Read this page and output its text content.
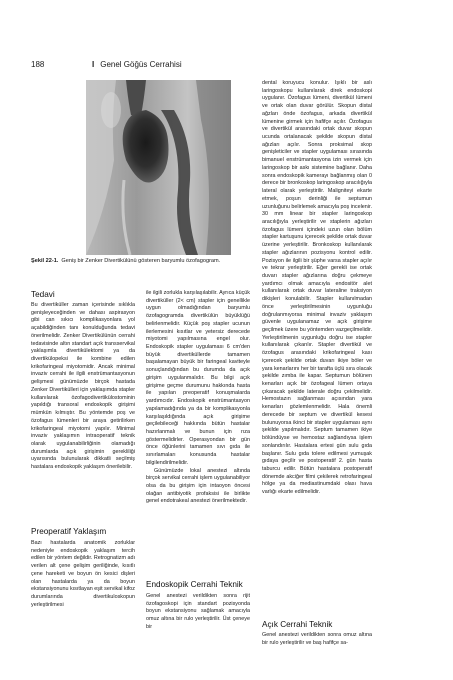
188	I Genel Göğüs Cerrahisi
Şekil 22-1. Geniş bir Zenker Divertikülünü gösteren baryumlu özofagogram.
Tedavi

Bu divertiküller zaman içerisinde sıklıkla genişleyeceğinden ve dahası aspirasyon gibi can sıkıcı komplikasyonlara yol açabildiğinden tanı konulduğunda tedavi önerilmelidir. Zenker Divertikülünün cerrahi tedavisinde altın standart açık transservikal yaklaşımla divertikülektomi ya da divertikülopeksi ile kombine edilen krikofaringeal miyotomidir. Ancak minimal invaziv cerrahi ile ilgili enstrümantasyonun gelişmesi günümüzde birçok hastada Zenker Divertikülleri için yaklaşımda stapler kullanılarak özofagodivertikülostominin yapıldığı transoral endoskopik girişimi mümkün kılmıştır. Bu yöntemde poş ve özofagus lümenleri bir araya getirilirken krikofaringeal miyotomi yapılır. Minimal invaziv yaklaşımın intraoperatif teknik olarak uygulanabilirliğinin olamadığı durumlarda açık girişimin gerekliliği uyarısında bulunularak dikkatli seçilmiş hastalara endoskopik yaklaşım önerilebilir.

Preoperatif Yaklaşım

Bazı hastalarda anatomik zorluklar nedeniyle endoskopik yaklaşım tercih edilen bir yöntem değildir. Retrognatizm adı verilen alt çene gelişim geriliğinde, kısıtlı çene hareketi ve boyun ön kesici dişleri olan hastalarda ya da boyun ekstansiyonunu kısıtlayan eşit servikal kifoz durumlarında divertikuloskopun yerleştirilmesi

ile ilgili zorlukla karşılaşılabilir. Ayrıca küçük divertiküller (2< cm) stapler için genellikle uygun olmadığından baryumlu özofagogramda divertikülün büyüklüğü belirlenmelidir. Küçük poş stapler ucunun ilerlemesini kısıtlar ve yetersiz derecede miyotomi yapılmasına engel olur. Endoskopik stapler uygulaması 6 cm'den büyük divertiküllerde tamamen başalamayan büyük bir faringeal kaviteyle sonuçlandığından bu durumda da açık girişim uygulanmalıdır. Bu bilgi açık girişime geçme durumunu hakkında hasta ile yapılan preoperatif konuşmalarda yardımcıdır. Endoskopik enstrümantasyon yapılamadığında ya da bir komplikasyonla karşılaşıldığında açık girişime geçilebileceği hakkında bütün hastalar hazırlanmalı ve bunun için rıza göstermelidirler. Operasyondan bir gün önce öğünlerini tamamen sıvı gıda ile sınırlamaları konusunda hastalar bilgilendirilmelidir.

Günümüzde lokal anestezi altında birçok servikal cerrahi işlem uygulanabiliyor olsa da bu girişim için intaoyon öncesi olağan antibiyotik profaksisi ile birlikte genel endotrakeal anestezi önerilmektedir.

Endoskopik Cerrahi Teknik

Genel anestezi verildikten sonra rijit özofagoskopi için standart pozisyonda boyun ekstansiyonu sağlamak amacıyla omuz altına bir rulo yerleştirilir. Üst çeneye bir

dental koruyucu konulur. Işıklı bir aslı laringoskopu kullanılarak direk endoskopi uygulanır. Özofagus lümeni, divertikül lümeni ve ortak olan duvar görülür. Skopun distal ağzları önde özofagus, arkada divertikül lümenine girmek için hafifçe açılır. Özofagus ve divertikül arasındaki ortak duvar skopun ucunda ortalanacak şekilde skopun distal ağızları açılır. Sonra proksimal skop genişleticiler ve stapler uygulaması sırasında bimanuel enstrümantasyona izin vermek için laringoskop bir askı sistemine bağlanır. Daha sonra endoskopik kamerayı bağlanmış olan 0 derece bir bronkoskop laringoskop aracılığıyla lateral olarak yerleştirilir. Maligniteyi ekarte etmek, poşun derinliği ile septumun uzunluğunu belirlemek amacıyla poş incelenir. 30 mm linear bir stapler laringoskop aracılığıyla yerleştirilir ve staplerin ağızları özofagus lümeni içindeki uzun olan bölüm stapler kartuşunu içerecek şekilde ortak duvar üzerine yerleştirilir. Bronkoskop kullanılarak stapler ağızlarının pozisyonu kontrol edilir. Pozisyon ile ilgili bir şüphe varsa stapler açılır ve tekrar yerleştirilir. Eğer gerekli ise ortak duvarı stapler ağızlarına doğru çekmeye yardımcı olmak amacıyla endositör alet kullanılarak ortak duvar lateraline traksiyon dikişleri konulabilir. Stapler kullanılmadan önce yerleştirilmesinin uygunluğu doğrulanmıyorsa minimal invaziv yaklaşım güvenle uygulanamaz ve açık girişime geçilmek üzere bu yöntemden vazgeçilmelidir. Yerleştirilmenin uygunluğu doğru ise stapler kullanılarak çıkarılır. Stapler divertikül ve özofagus arasındaki krikofaringeal kası içerecek şekilde ortak duvarı ikiye böler ve yara kenarlarını her bir tarafta üçlü sıra olacak şekilde zımba ile kapar. Septumun bölünen kenarları açık bir özofageal lümen ortaya çıkaracak şekilde laterale doğru çekilmelidir. Hemostazın sağlanması açısından yara kenarları gözlemlenmelidir. Hala önemli derecede bir septum ve divertikül kesesi bulunuyorsa ikinci bir stapler uygulaması aynı şekilde yapılmalıdır. Septum tamamen ikiye bölündüyse ve hemostaz sağlandıysa işlem sonlandırılır. Hastalara ertesi gün sulu gıda başlanır. Sulu gıda tolere edilmesi yumuşak gıdaya geçilir ve postoperatif 2. gün hasta taburcu edilir. Bütün hastalara postoperatif dönemde akciğer filmi çekilerek retrofaringeal hölge ya da mediastinumdaki olası hava varlığı ekarte edilmelidir.

Açık Cerrahi Teknik

Genel anestezi verildikten sonra omuz altına bir rulo yerleştirilir ve baş hafifçe sa-
